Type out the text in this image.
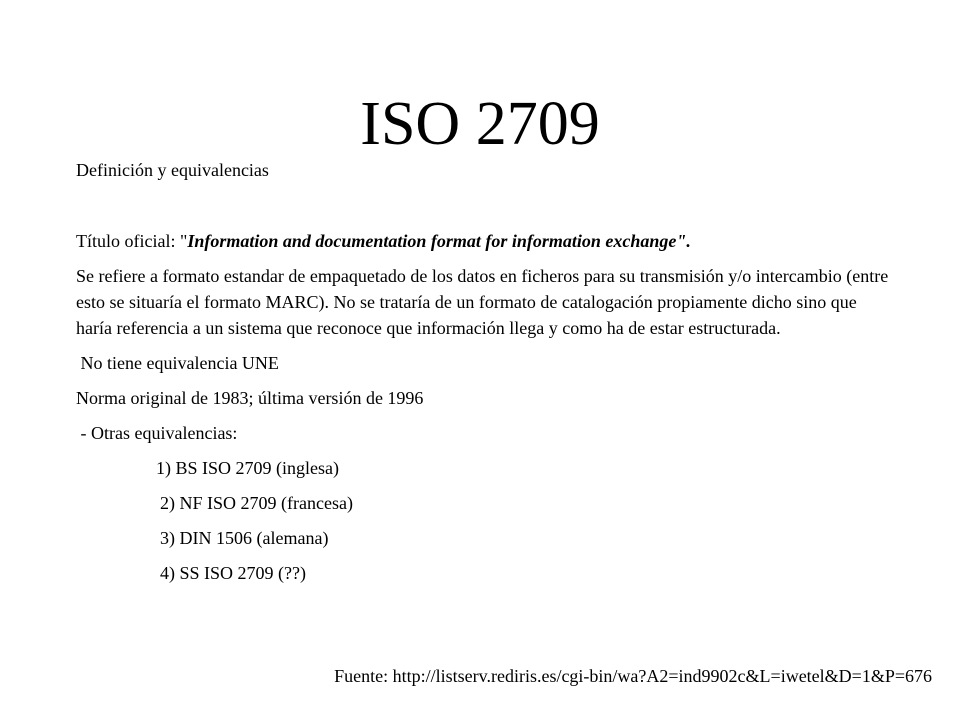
ISO 2709

Definición y equivalencias

Título oficial: "Information and documentation format for information exchange".

Se refiere a formato estandar de empaquetado de los datos en ficheros para su transmisión y/o intercambio (entre esto se situaría el formato MARC). No se trataría de un formato de catalogación propiamente dicho sino que haría referencia a un sistema que reconoce que información llega y como ha de estar estructurada.

No tiene equivalencia UNE

Norma original de 1983; última versión de 1996

- Otras equivalencias:

1) BS ISO 2709 (inglesa)
2) NF ISO 2709 (francesa)
3) DIN 1506 (alemana)
4) SS ISO 2709 (??)
Fuente: http://listserv.rediris.es/cgi-bin/wa?A2=ind9902c&L=iwetel&D=1&P=676
